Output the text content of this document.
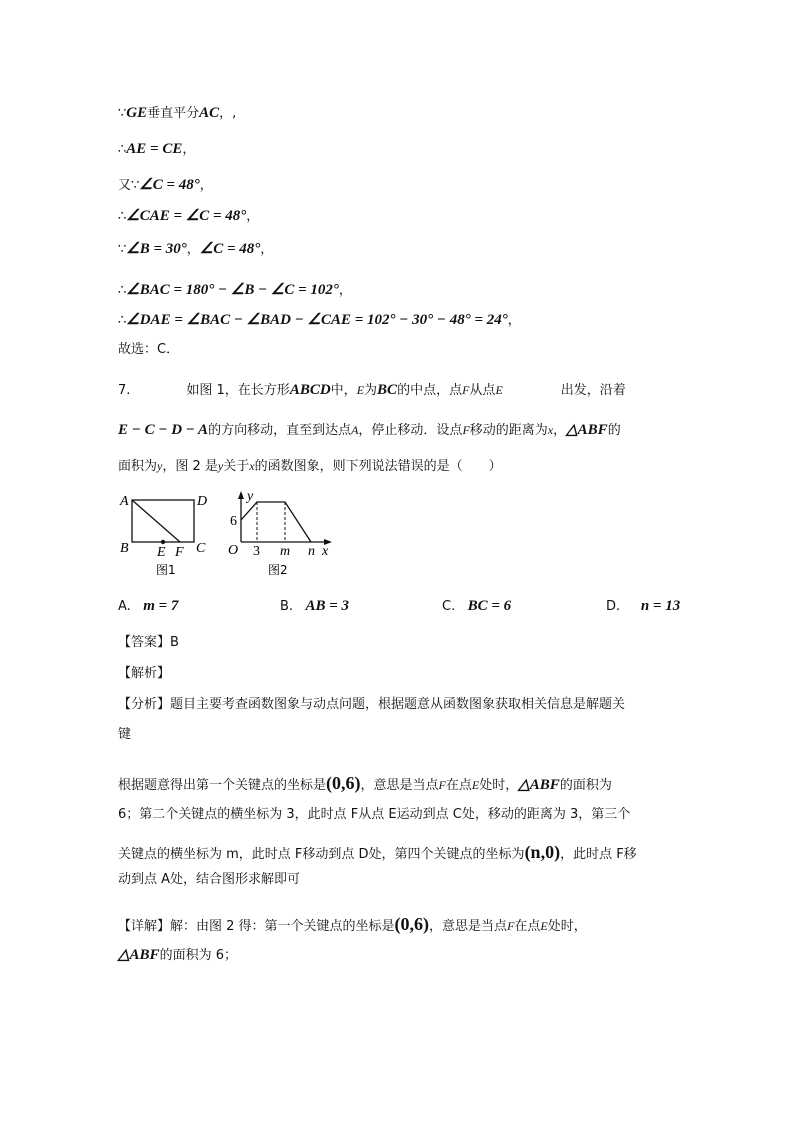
∵GE垂直平分AC，,
∴AE = CE，
又∵∠C = 48°，
∴∠CAE = ∠C = 48°，
∵∠B = 30°，∠C = 48°，
∴∠BAC = 180° − ∠B − ∠C = 102°，
∴∠DAE = ∠BAC − ∠BAD − ∠CAE = 102° − 30° − 48° = 24°，
故选：C．
7.	如图 1，在长方形ABCD中，E为BC的中点，点F从点E	出发，沿着
E − C − D − A的方向移动，直至到达点A，停止移动．设点F移动的距离为x，△ABF的
面积为y，图 2 是y关于x的函数图象，则下列说法错误的是（　　）
A	D
B E F C
图1
y
6
O 3 m n x
图2
A. m = 7	B. AB = 3	C. BC = 6	D. n = 13
【答案】B
【解析】
【分析】题目主要考查函数图象与动点问题，根据题意从函数图象获取相关信息是解题关
键
根据题意得出第一个关键点的坐标是(0,6)，意思是当点F在点E处时，△ABF的面积为
6；第二个关键点的横坐标为 3，此时点 F从点 E运动到点 C处，移动的距离为 3，第三个
关键点的横坐标为 m，此时点 F移动到点 D处，第四个关键点的坐标为(n,0)，此时点 F移
动到点 A处，结合图形求解即可
【详解】解：由图 2 得：第一个关键点的坐标是(0,6)，意思是当点F在点E处时，
△ABF的面积为 6；
